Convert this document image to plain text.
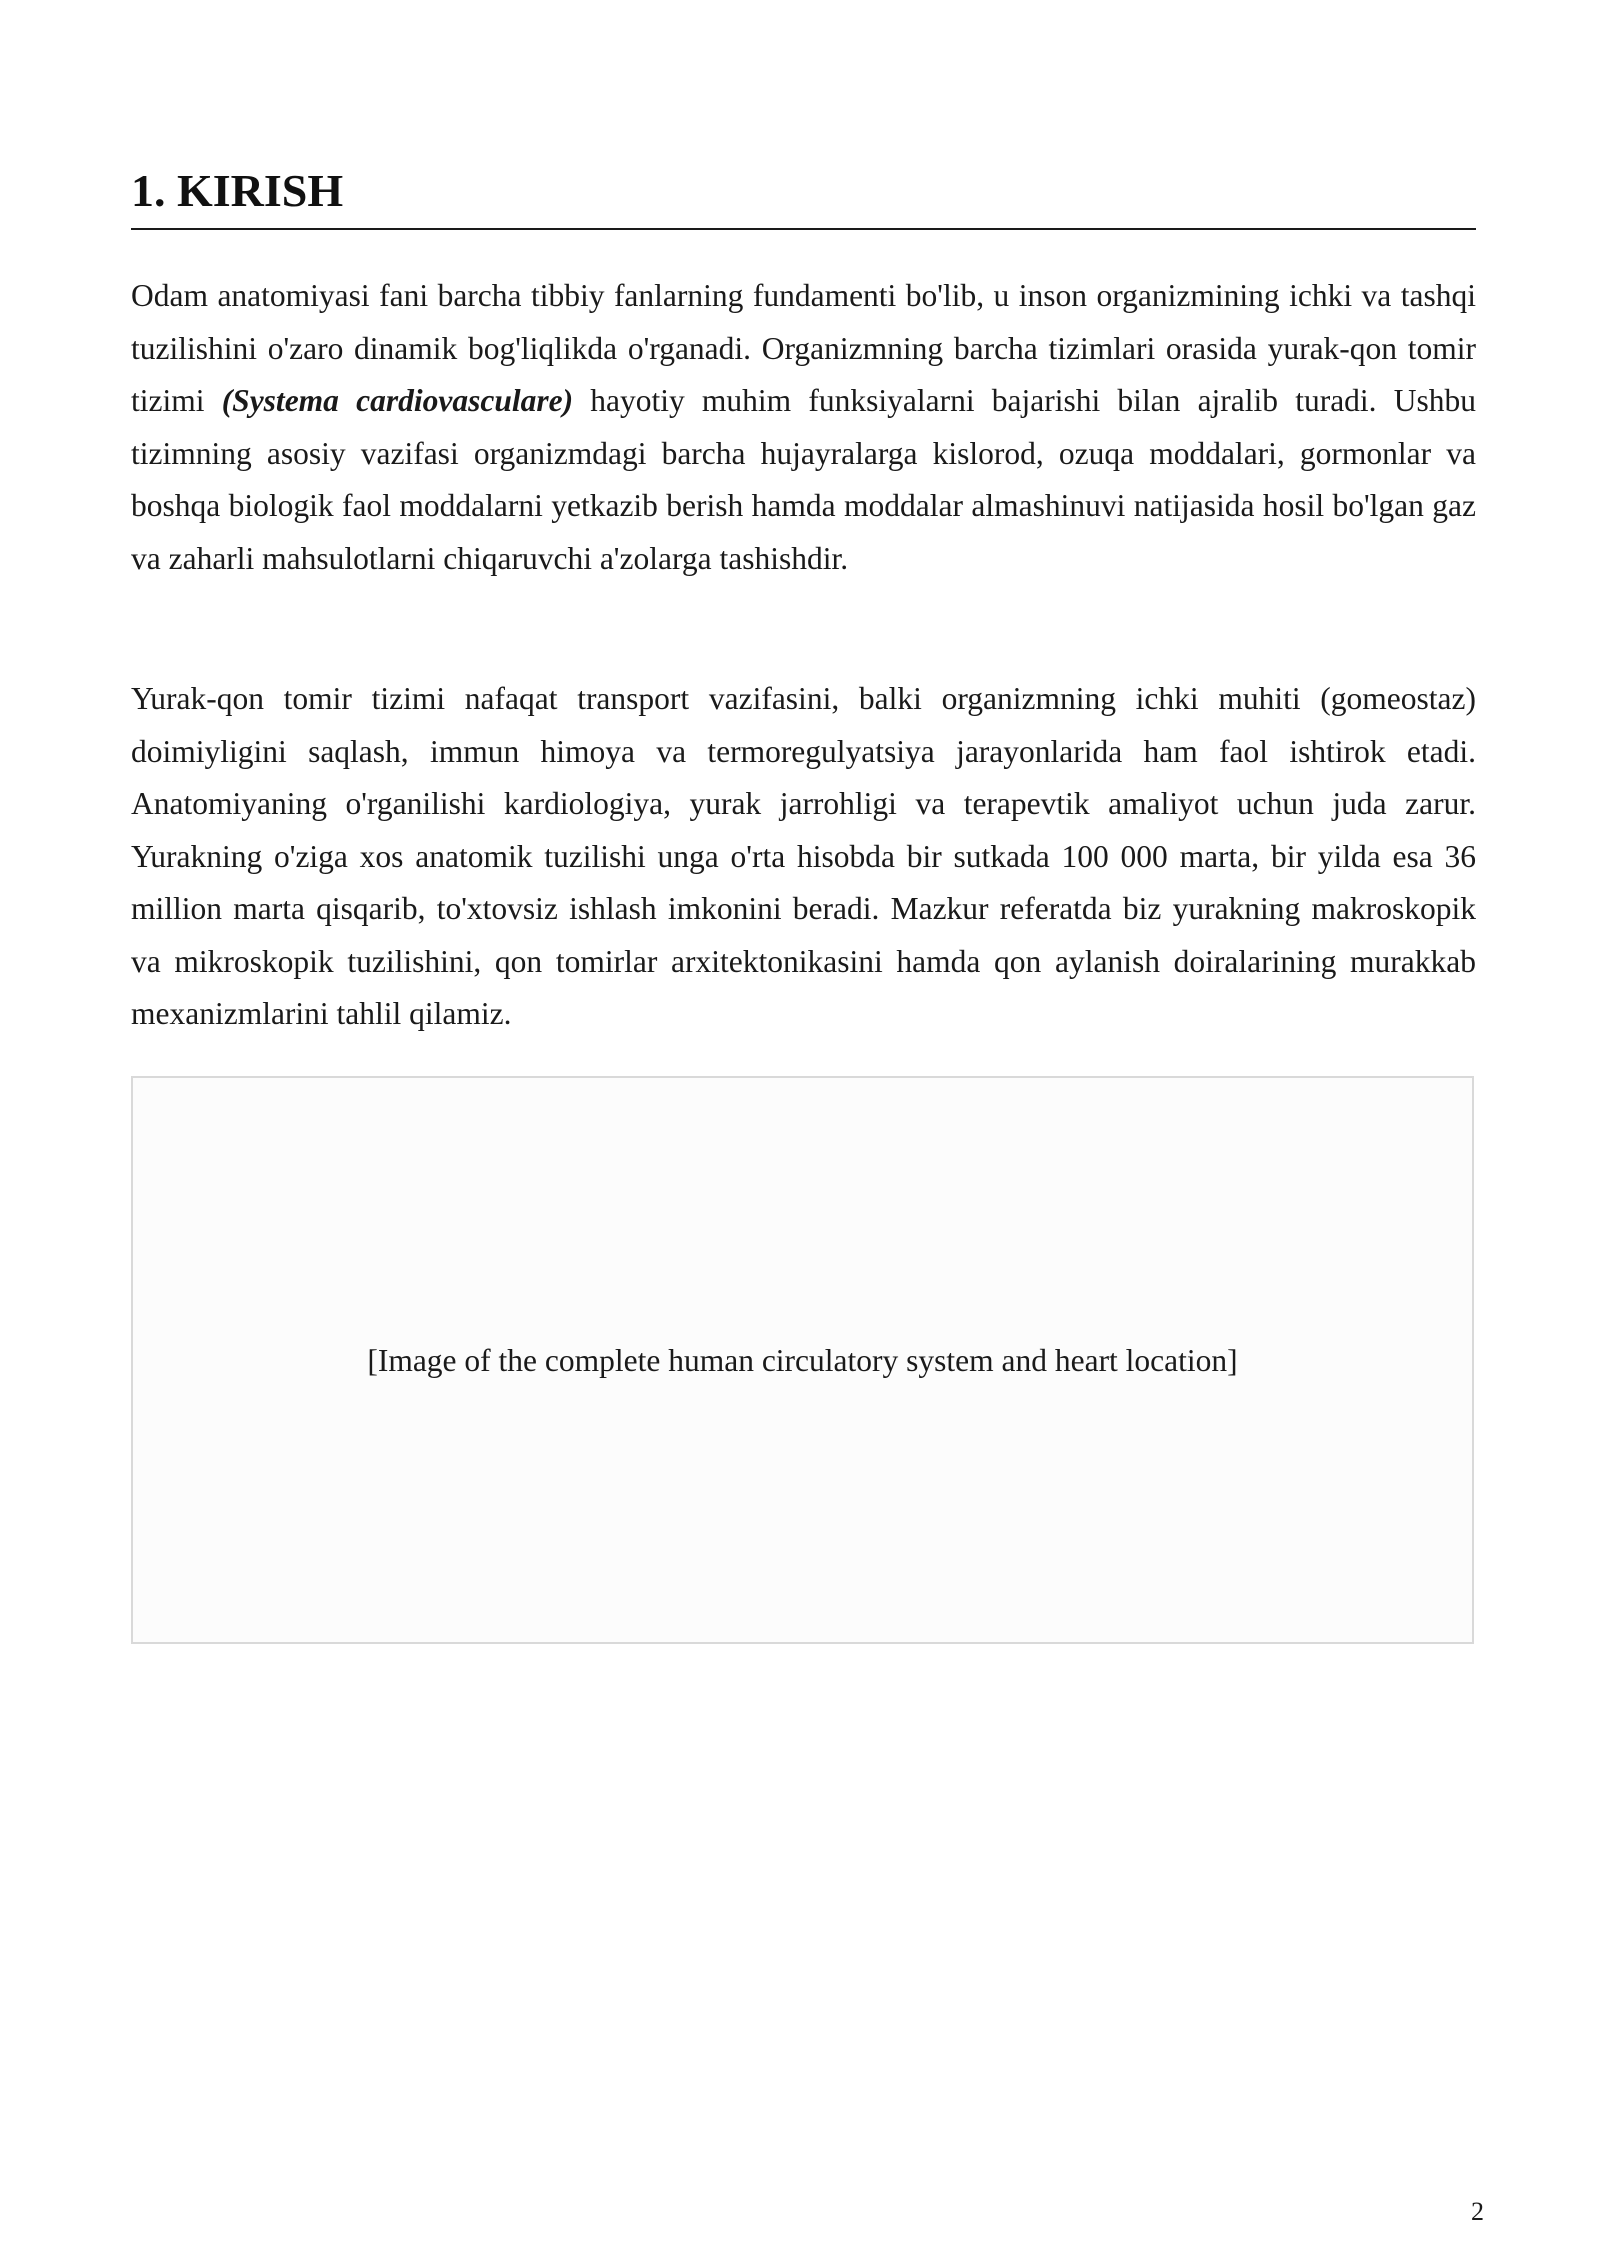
1. KIRISH

Odam anatomiyasi fani barcha tibbiy fanlarning fundamenti bo'lib, u inson organizmining ichki va tashqi tuzilishini o'zaro dinamik bog'liqlikda o'rganadi. Organizmning barcha tizimlari orasida yurak-qon tomir tizimi (Systema cardiovasculare) hayotiy muhim funksiyalarni bajarishi bilan ajralib turadi. Ushbu tizimning asosiy vazifasi organizmdagi barcha hujayralarga kislorod, ozuqa moddalari, gormonlar va boshqa biologik faol moddalarni yetkazib berish hamda moddalar almashinuvi natijasida hosil bo'lgan gaz va zaharli mahsulotlarni chiqaruvchi a'zolarga tashishdir.

Yurak-qon tomir tizimi nafaqat transport vazifasini, balki organizmning ichki muhiti (gomeostaz) doimiyligini saqlash, immun himoya va termoregulyatsiya jarayonlarida ham faol ishtirok etadi. Anatomiyaning o'rganilishi kardiologiya, yurak jarrohligi va terapevtik amaliyot uchun juda zarur. Yurakning o'ziga xos anatomik tuzilishi unga o'rta hisobda bir sutkada 100 000 marta, bir yilda esa 36 million marta qisqarib, to'xtovsiz ishlash imkonini beradi. Mazkur referatda biz yurakning makroskopik va mikroskopik tuzilishini, qon tomirlar arxitektonikasini hamda qon aylanish doiralarining murakkab mexanizmlarini tahlil qilamiz.

[Image of the complete human circulatory system and heart location]
2
